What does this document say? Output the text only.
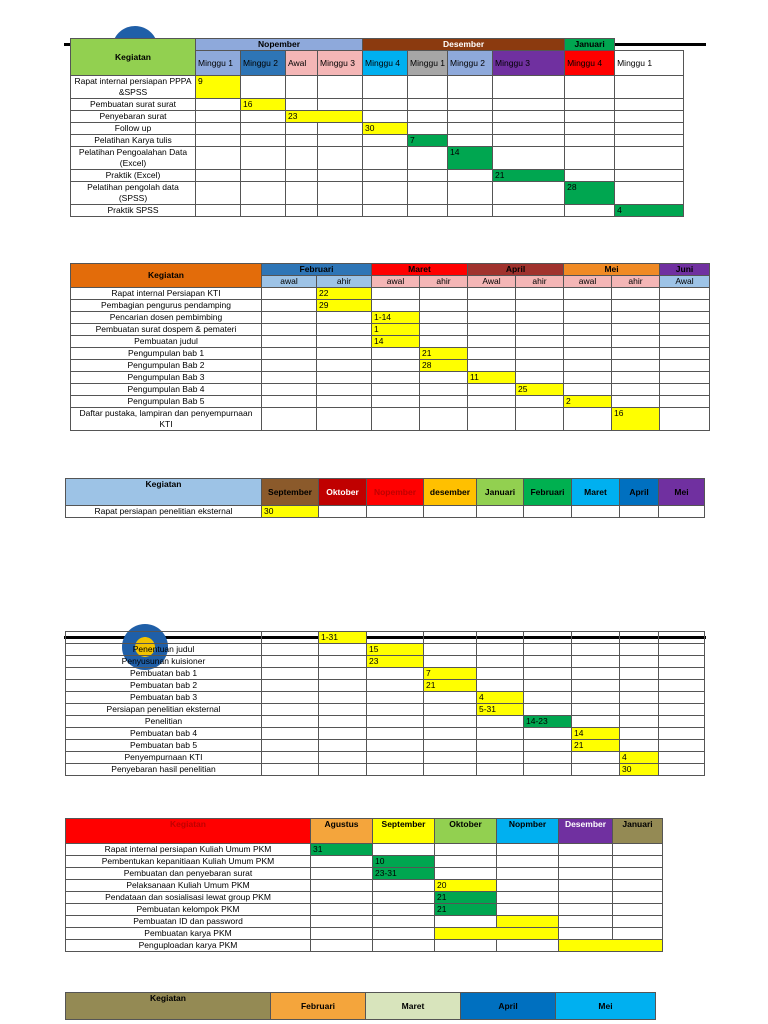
Kegiatan	Nopember				Desember				Januari	
	Minggu 1	Minggu 2	Awal	Minggu 3	Minggu 4	Minggu 1	Minggu 2	Minggu 3	Minggu 4	Minggu 1
Rapat internal persiapan PPPA &SPSS	9									
Pembuatan surat surat		16								
Penyebaran surat			23							
Follow up					30					
Pelatihan Karya tulis						7				
Pelatihan Pengoalahan Data (Excel)							14			
Praktik (Excel)								21		
Pelatihan pengolah data (SPSS)									28	
Praktik SPSS										4
Kegiatan	Februari		Maret		April		Mei		Juni
	awal	ahir	awal	ahir	Awal	ahir	awal	ahir	Awal
Rapat internal Persiapan KTI		22							
Pembagian pengurus pendamping		29							
Pencarian dosen pembimbing			1-14						
Pembuatan surat dospem & pemateri			1						
Pembuatan judul			14						
Pengumpulan bab 1				21					
Pengumpulan Bab 2				28					
Pengumpulan Bab 3					11				
Pengumpulan Bab 4						25			
Pengumpulan Bab 5							2		
Daftar pustaka, lampiran dan penyempurnaan KTI								16	
Kegiatan	September	Oktober	Nopember	desember	Januari	Februari	Maret	April	Mei
Rapat persiapan penelitian eksternal	30								
		1-31							
Penentuan judul			15						
Penyusunan kuisioner			23						
Pembuatan bab 1				7					
Pembuatan bab 2				21					
Pembuatan bab 3					4				
Persiapan penelitian eksternal					5-31				
Penelitian						14-23			
Pembuatan bab 4							14		
Pembuatan bab 5							21		
Penyempurnaan KTI								4	
Penyebaran hasil penelitian								30	
Kegiatan	Agustus	September	Oktober	Nopmber	Desember	Januari
Rapat internal persiapan Kuliah Umum PKM	31					
Pembentukan kepanitiaan Kuliah Umum PKM		10				
Pembuatan dan penyebaran surat		23-31				
Pelaksanaan Kuliah Umum PKM			20			
Pendataan dan sosialisasi lewat group PKM			21			
Pembuatan kelompok PKM			21			
Pembuatan ID dan password						
Pembuatan karya PKM						
Penguploadan karya PKM						
Kegiatan	Februari	Maret	April	Mei
